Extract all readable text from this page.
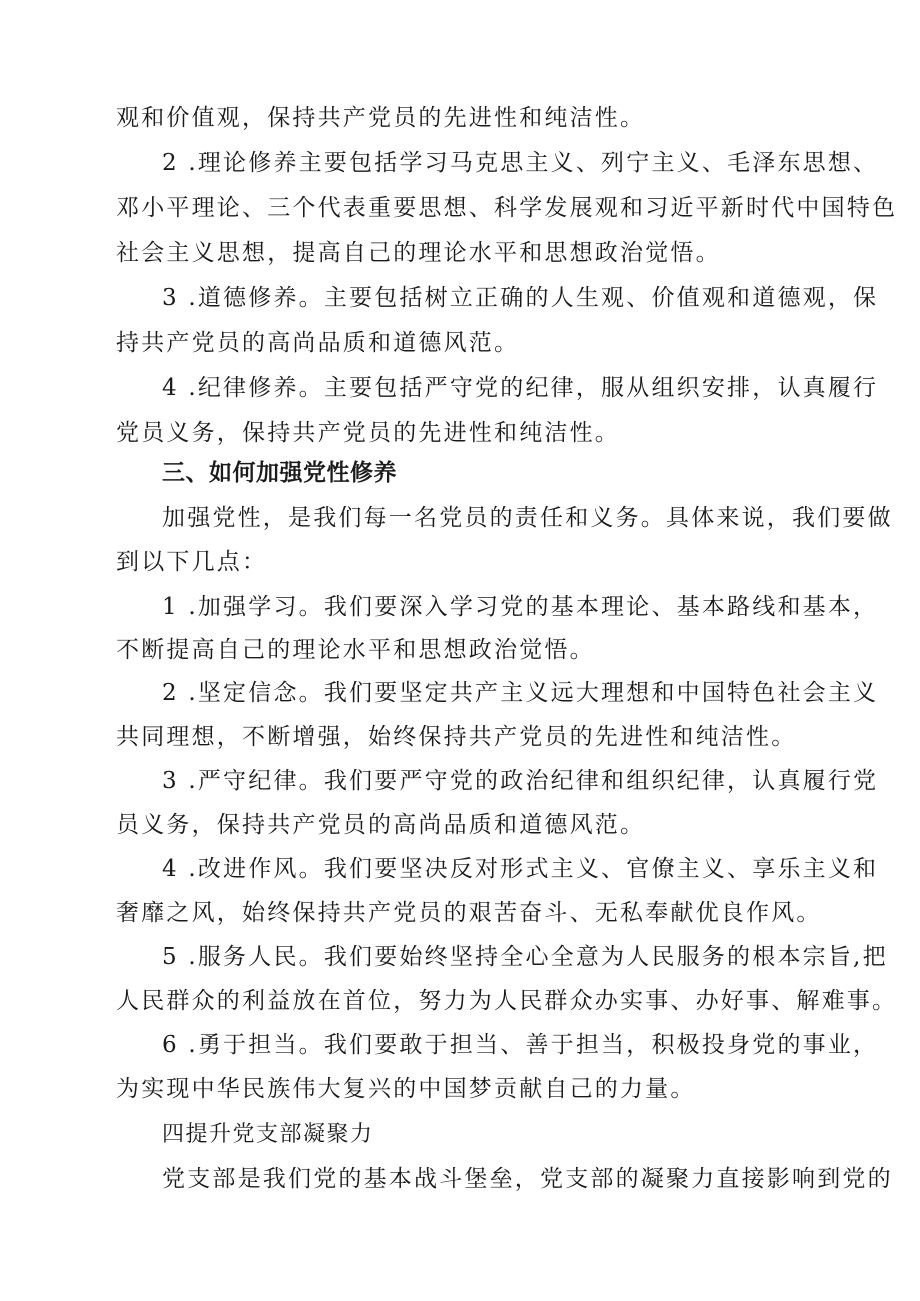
观和价值观，保持共产党员的先进性和纯洁性。
2 .理论修养主要包括学习马克思主义、列宁主义、毛泽东思想、
邓小平理论、三个代表重要思想、科学发展观和习近平新时代中国特色
社会主义思想，提高自己的理论水平和思想政治觉悟。
3 .道德修养。主要包括树立正确的人生观、价值观和道德观，保
持共产党员的高尚品质和道德风范。
4 .纪律修养。主要包括严守党的纪律，服从组织安排，认真履行
党员义务，保持共产党员的先进性和纯洁性。
三、如何加强党性修养
加强党性，是我们每一名党员的责任和义务。具体来说，我们要做
到以下几点：
1 .加强学习。我们要深入学习党的基本理论、基本路线和基本，
不断提高自己的理论水平和思想政治觉悟。
2 .坚定信念。我们要坚定共产主义远大理想和中国特色社会主义
共同理想，不断增强，始终保持共产党员的先进性和纯洁性。
3 .严守纪律。我们要严守党的政治纪律和组织纪律，认真履行党
员义务，保持共产党员的高尚品质和道德风范。
4 .改进作风。我们要坚决反对形式主义、官僚主义、享乐主义和
奢靡之风，始终保持共产党员的艰苦奋斗、无私奉献优良作风。
5 .服务人民。我们要始终坚持全心全意为人民服务的根本宗旨,把
人民群众的利益放在首位，努力为人民群众办实事、办好事、解难事。
6 .勇于担当。我们要敢于担当、善于担当，积极投身党的事业，
为实现中华民族伟大复兴的中国梦贡献自己的力量。
四提升党支部凝聚力
党支部是我们党的基本战斗堡垒，党支部的凝聚力直接影响到党的
